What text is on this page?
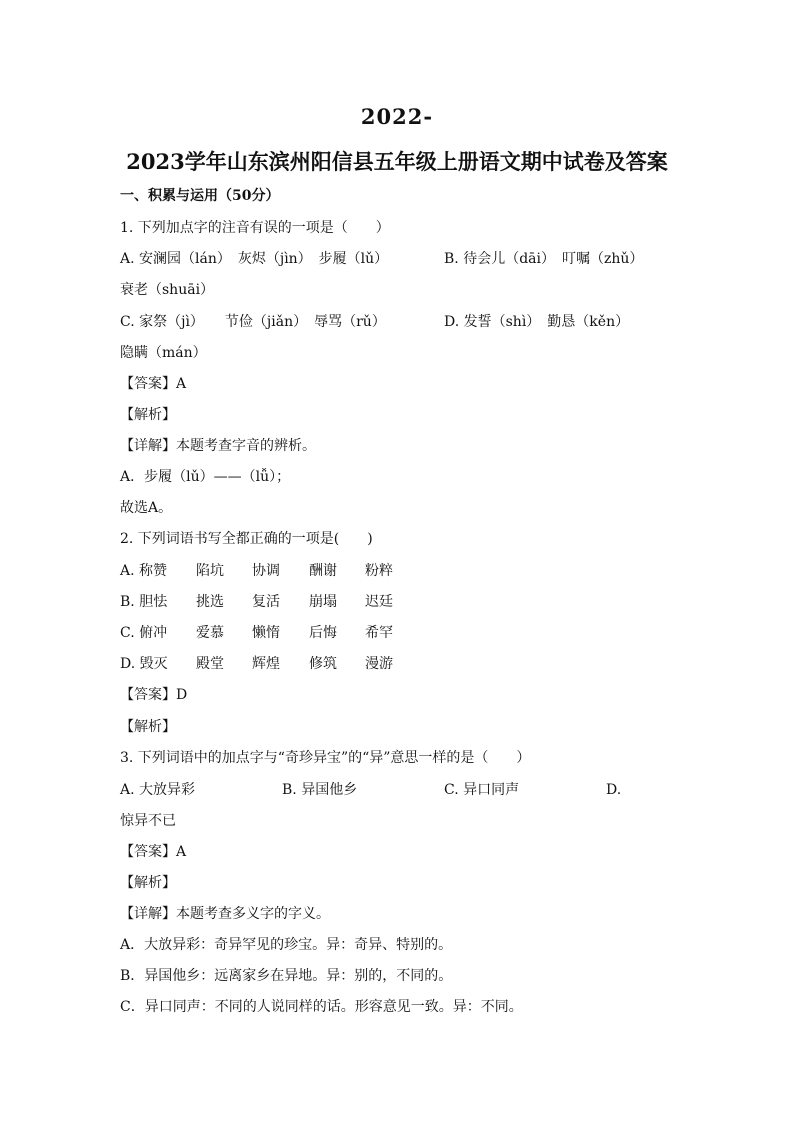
2022-
2023学年山东滨州阳信县五年级上册语文期中试卷及答案
一、积累与运用（50分）
1. 下列加点字的注音有误的一项是（　　）
A. 安澜园（lán）　灰烬（jìn）　步履（lǔ）	B. 待会儿（dāi）　叮嘱（zhǔ）
衰老（shuāi）
C. 家祭（jì）　　节俭（jiǎn）　辱骂（rǔ）	D. 发誓（shì）　勤恳（kěn）
隐瞒（mán）
【答案】A
【解析】
【详解】本题考查字音的辨析。
A．步履（lǔ）——（lǚ）；
故选A。
2. 下列词语书写全都正确的一项是(　　)
A. 称赞 陷坑 协调 酬谢 粉粹
B. 胆怯 挑选 复活 崩塌 迟廷
C. 俯冲 爱慕 懒惰 后悔 希罕
D. 毁灭 殿堂 辉煌 修筑 漫游
【答案】D
【解析】
3. 下列词语中的加点字与“奇珍异宝”的“异”意思一样的是（　　）
A. 大放异彩	B. 异国他乡	C. 异口同声	D.
惊异不已
【答案】A
【解析】
【详解】本题考查多义字的字义。
A．大放异彩：奇异罕见的珍宝。异：奇异、特别的。
B．异国他乡：远离家乡在异地。异：别的，不同的。
C．异口同声：不同的人说同样的话。形容意见一致。异：不同。
